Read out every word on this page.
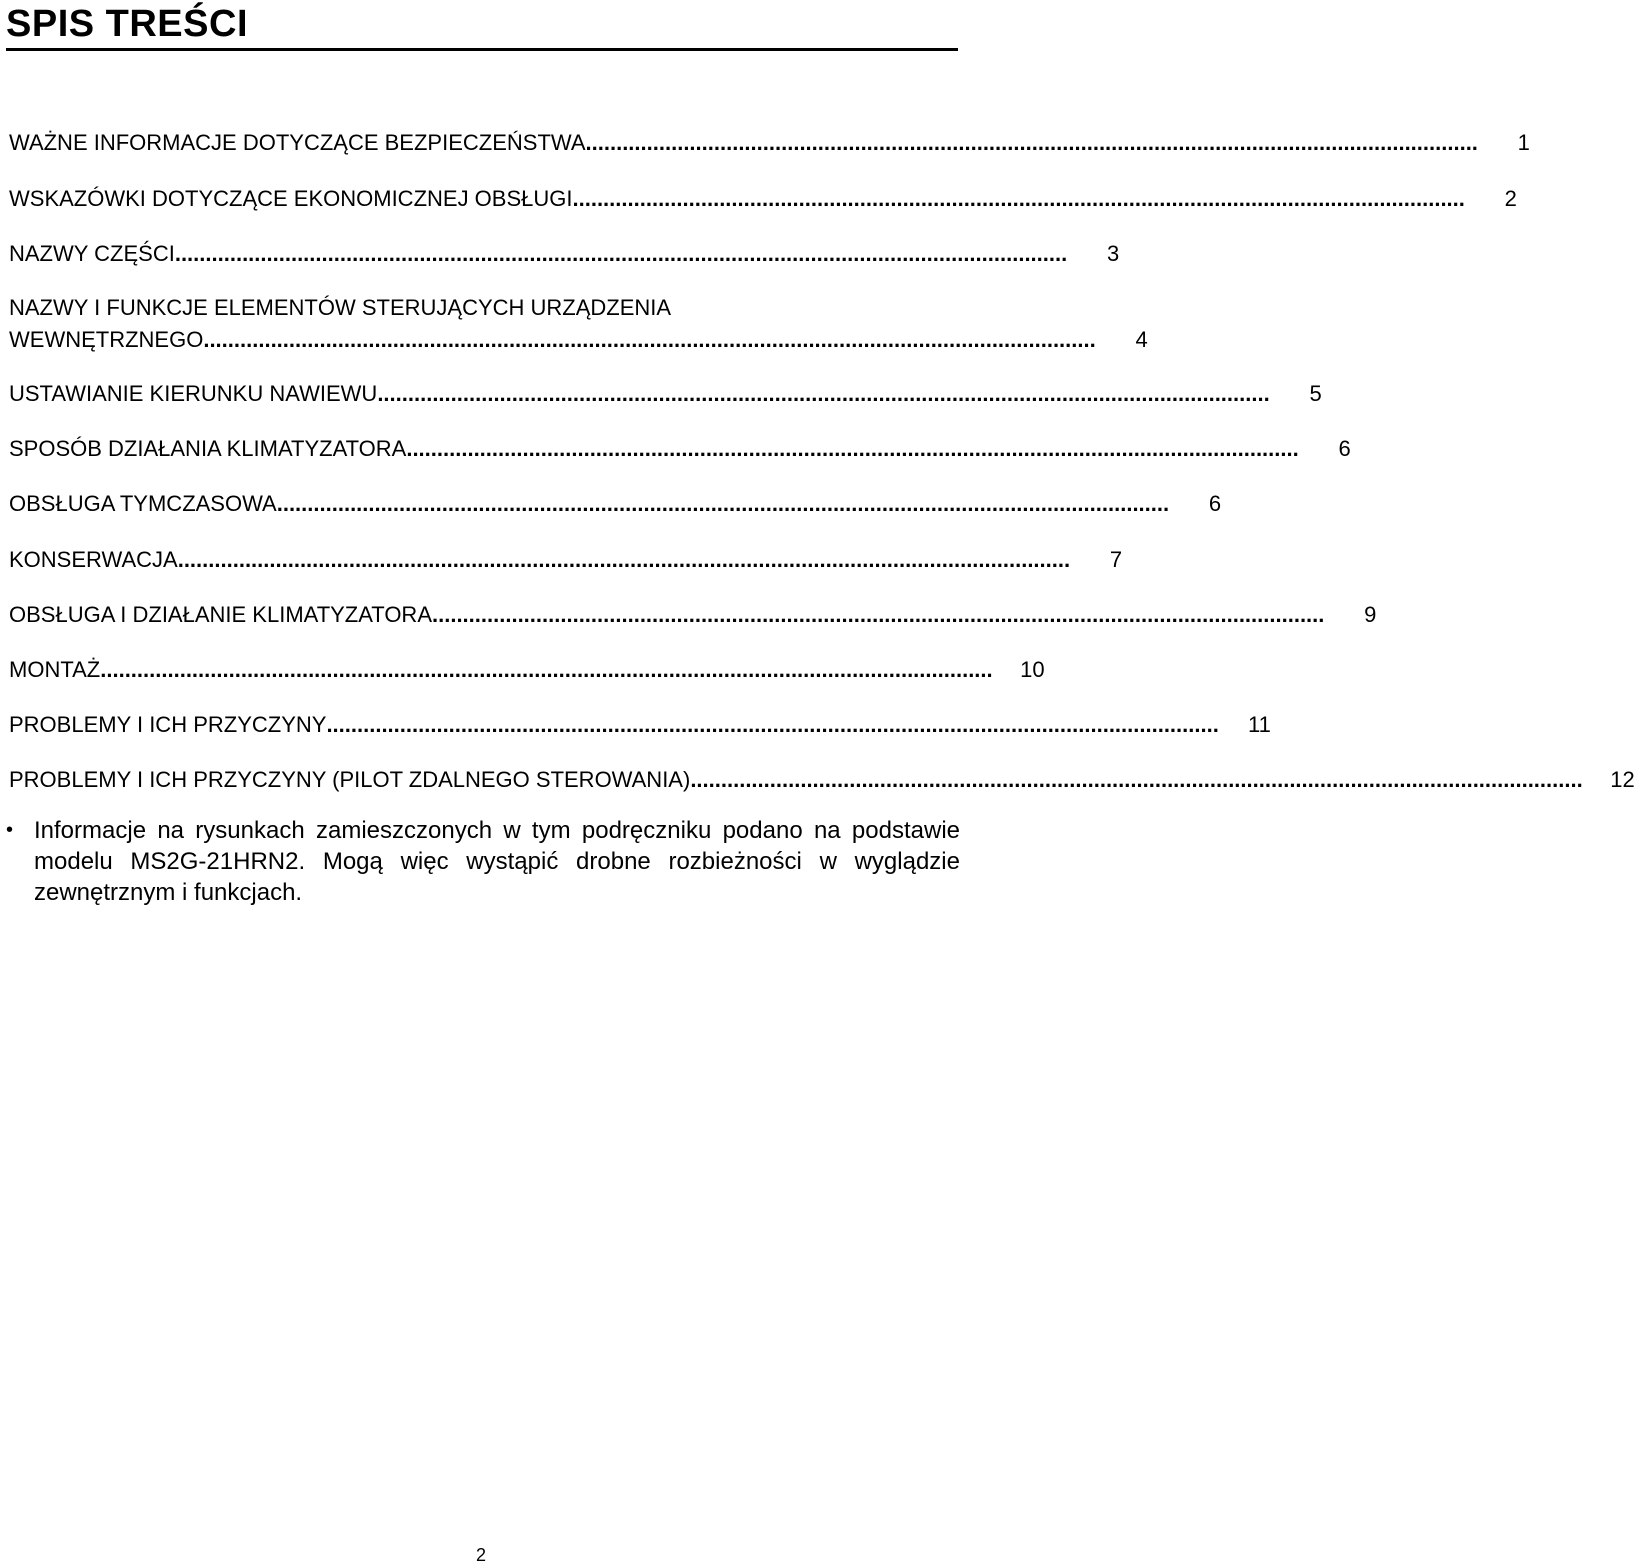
SPIS TREŚCI
WAŻNE INFORMACJE DOTYCZĄCE BEZPIECZEŃSTWA ..................................................................................................................................................	1
WSKAZÓWKI DOTYCZĄCE EKONOMICZNEJ OBSŁUGI ..................................................................................................................................................	2
NAZWY CZĘŚCI ..................................................................................................................................................	3
NAZWY I FUNKCJE ELEMENTÓW STERUJĄCYCH URZĄDZENIA
WEWNĘTRZNEGO ..................................................................................................................................................	4
USTAWIANIE KIERUNKU NAWIEWU ..................................................................................................................................................	5
SPOSÓB DZIAŁANIA KLIMATYZATORA ..................................................................................................................................................	6
OBSŁUGA TYMCZASOWA ..................................................................................................................................................	6
KONSERWACJA ..................................................................................................................................................	7
OBSŁUGA I DZIAŁANIE KLIMATYZATORA ..................................................................................................................................................	9
MONTAŻ ..................................................................................................................................................	10
PROBLEMY I ICH PRZYCZYNY ..................................................................................................................................................	11
PROBLEMY I ICH PRZYCZYNY (PILOT ZDALNEGO STEROWANIA) ..................................................................................................................................................	12
• Informacje na rysunkach zamieszczonych w tym podręczniku podano na podstawie modelu MS2G-21HRN2. Mogą więc wystąpić drobne rozbieżności w wyglądzie zewnętrznym i funkcjach.
2
